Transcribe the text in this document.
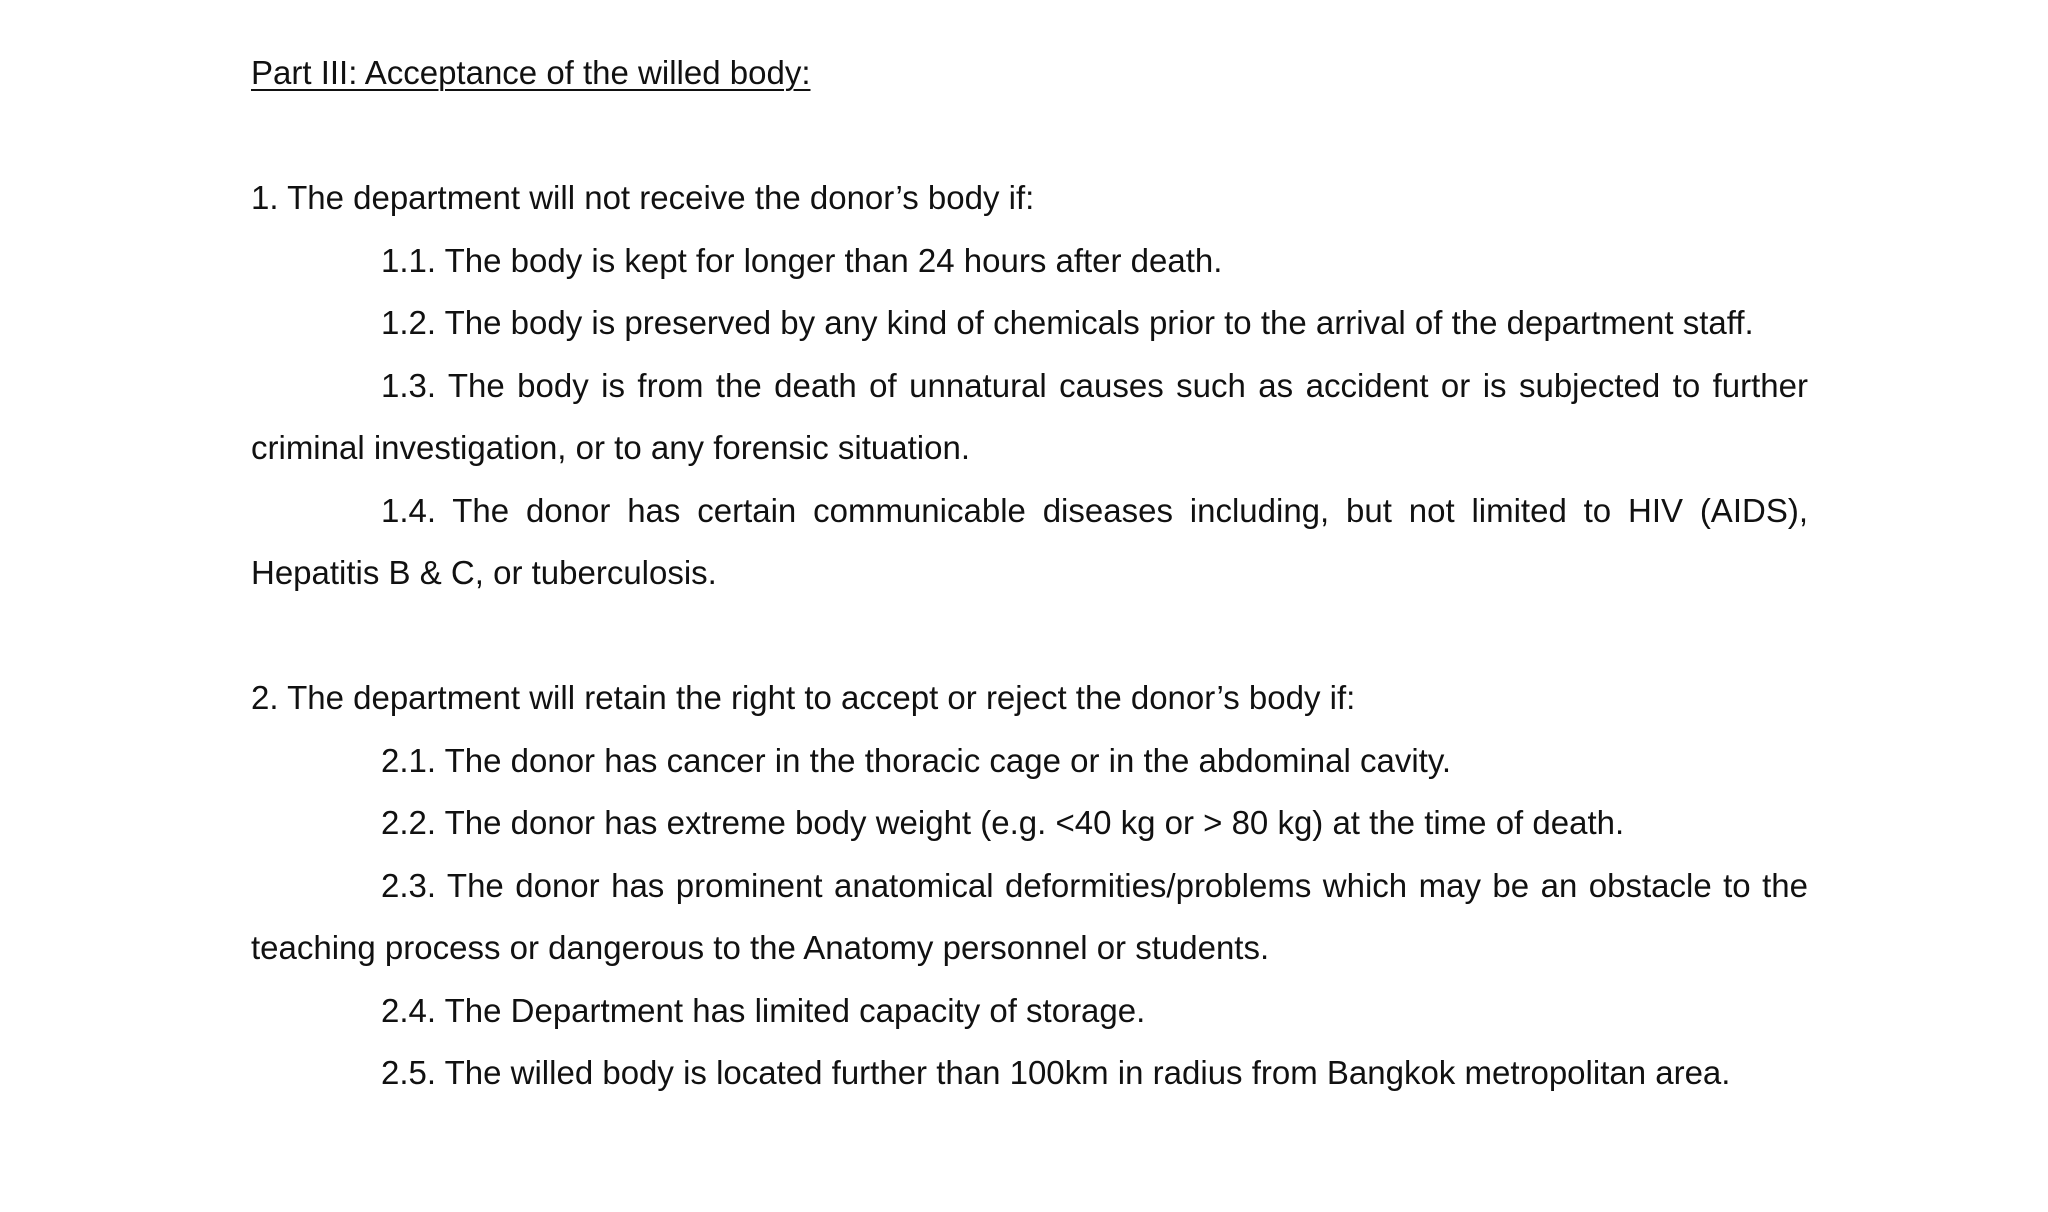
Part III: Acceptance of the willed body:

1. The department will not receive the donor’s body if:

1.1. The body is kept for longer than 24 hours after death.

1.2. The body is preserved by any kind of chemicals prior to the arrival of the department staff.

1.3. The body is from the death of unnatural causes such as accident or is subjected to further criminal investigation, or to any forensic situation.

1.4. The donor has certain communicable diseases including, but not limited to HIV (AIDS), Hepatitis B & C, or tuberculosis.

2. The department will retain the right to accept or reject the donor’s body if:

2.1. The donor has cancer in the thoracic cage or in the abdominal cavity.

2.2. The donor has extreme body weight (e.g. <40 kg or > 80 kg) at the time of death.

2.3. The donor has prominent anatomical deformities/problems which may be an obstacle to the teaching process or dangerous to the Anatomy personnel or students.

2.4. The Department has limited capacity of storage.

2.5. The willed body is located further than 100km in radius from Bangkok metropolitan area.
